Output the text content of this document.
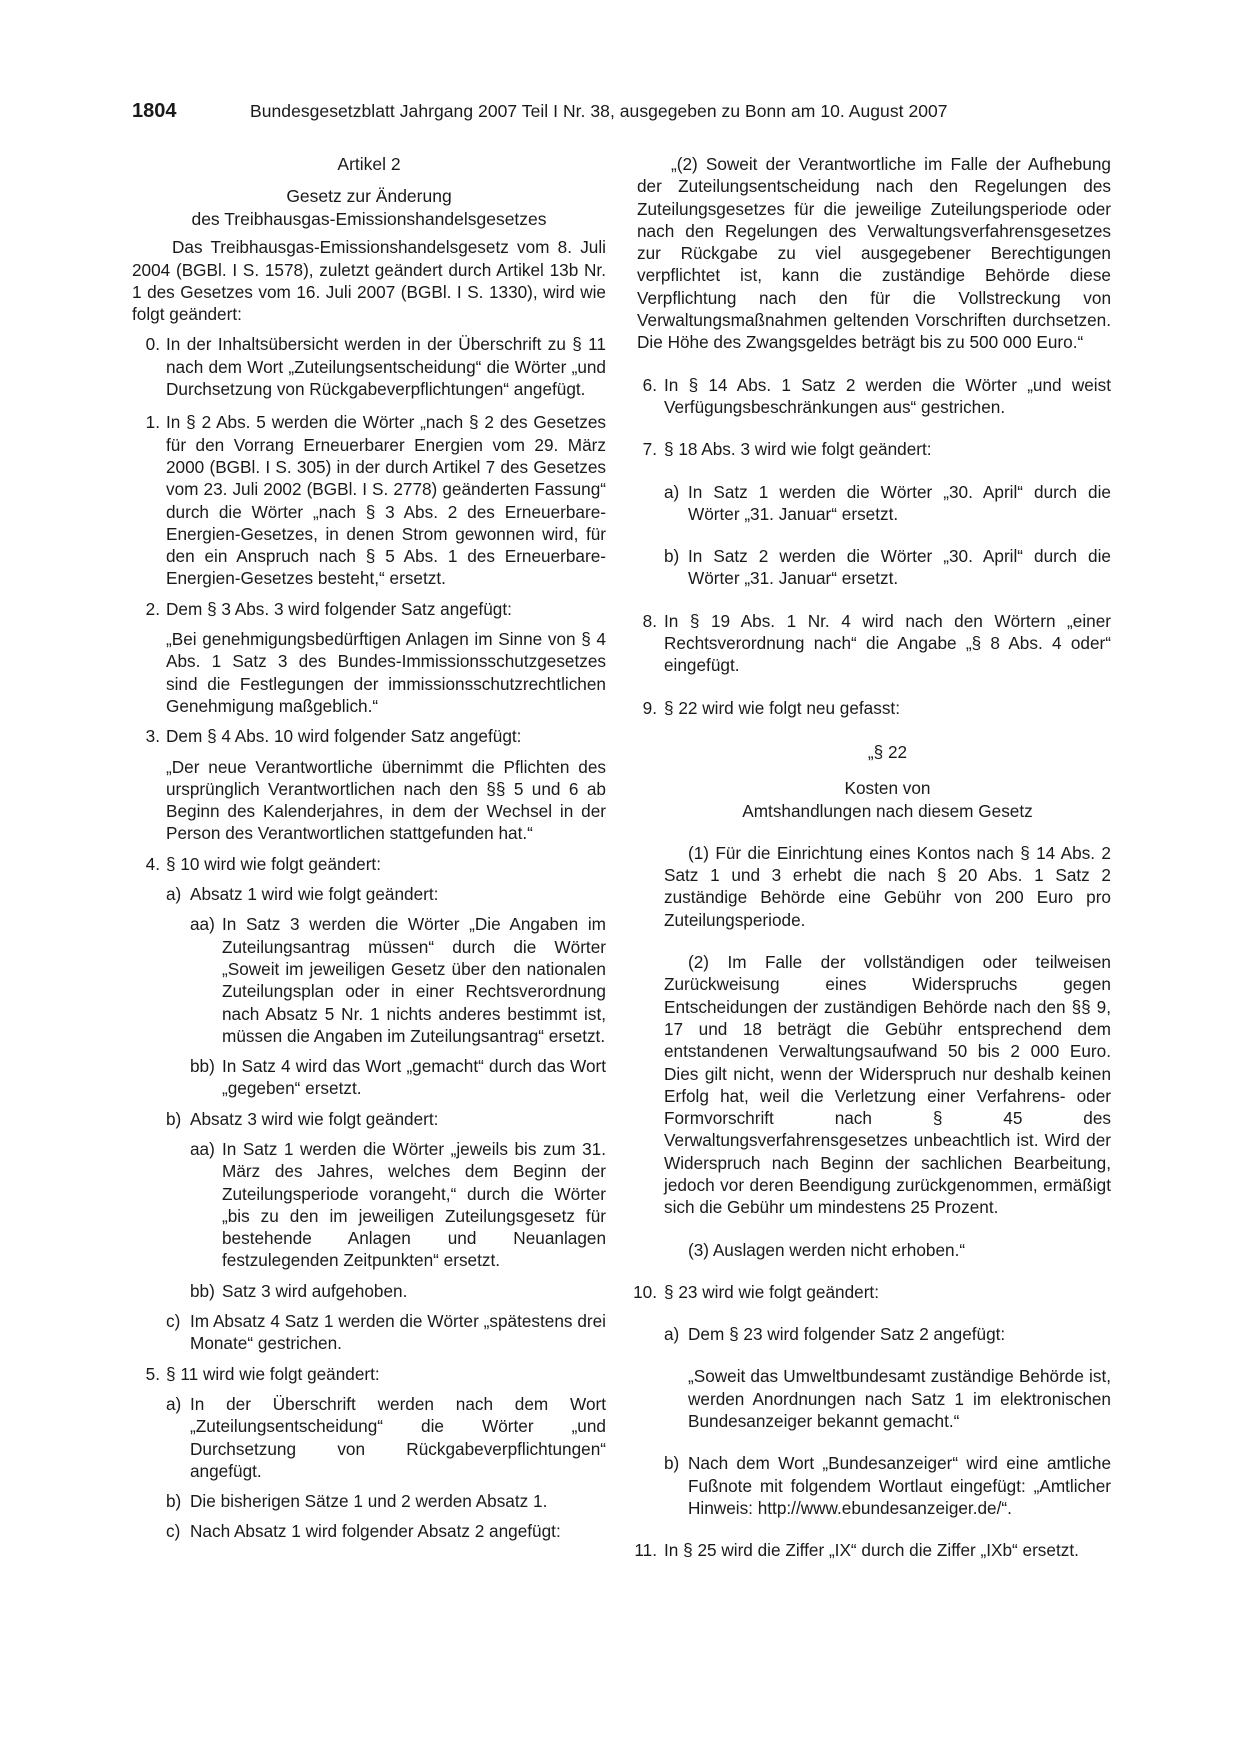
1804	Bundesgesetzblatt Jahrgang 2007 Teil I Nr. 38, ausgegeben zu Bonn am 10. August 2007

Artikel 2

Gesetz zur Änderung

des Treibhausgas-Emissionshandelsgesetzes

Das Treibhausgas-Emissionshandelsgesetz vom 8. Juli 2004 (BGBl. I S. 1578), zuletzt geändert durch Artikel 13b Nr. 1 des Gesetzes vom 16. Juli 2007 (BGBl. I S. 1330), wird wie folgt geändert:

0. In der Inhaltsübersicht werden in der Überschrift zu § 11 nach dem Wort „Zuteilungsentscheidung“ die Wörter „und Durchsetzung von Rückgabeverpflichtungen“ angefügt.
1. In § 2 Abs. 5 werden die Wörter „nach § 2 des Gesetzes für den Vorrang Erneuerbarer Energien vom 29. März 2000 (BGBl. I S. 305) in der durch Artikel 7 des Gesetzes vom 23. Juli 2002 (BGBl. I S. 2778) geänderten Fassung“ durch die Wörter „nach § 3 Abs. 2 des Erneuerbare-Energien-Gesetzes, in denen Strom gewonnen wird, für den ein Anspruch nach § 5 Abs. 1 des Erneuerbare-Energien-Gesetzes besteht,“ ersetzt.
2. Dem § 3 Abs. 3 wird folgender Satz angefügt:

„Bei genehmigungsbedürftigen Anlagen im Sinne von § 4 Abs. 1 Satz 3 des Bundes-Immissionsschutzgesetzes sind die Festlegungen der immissionsschutzrechtlichen Genehmigung maßgeblich.“

3. Dem § 4 Abs. 10 wird folgender Satz angefügt:

„Der neue Verantwortliche übernimmt die Pflichten des ursprünglich Verantwortlichen nach den §§ 5 und 6 ab Beginn des Kalenderjahres, in dem der Wechsel in der Person des Verantwortlichen stattgefunden hat.“

4. § 10 wird wie folgt geändert:
a) Absatz 1 wird wie folgt geändert:
aa) In Satz 3 werden die Wörter „Die Angaben im Zuteilungsantrag müssen“ durch die Wörter „Soweit im jeweiligen Gesetz über den nationalen Zuteilungsplan oder in einer Rechtsverordnung nach Absatz 5 Nr. 1 nichts anderes bestimmt ist, müssen die Angaben im Zuteilungsantrag“ ersetzt.
bb) In Satz 4 wird das Wort „gemacht“ durch das Wort „gegeben“ ersetzt.
b) Absatz 3 wird wie folgt geändert:
aa) In Satz 1 werden die Wörter „jeweils bis zum 31. März des Jahres, welches dem Beginn der Zuteilungsperiode vorangeht,“ durch die Wörter „bis zu den im jeweiligen Zuteilungsgesetz für bestehende Anlagen und Neuanlagen festzulegenden Zeitpunkten“ ersetzt.
bb) Satz 3 wird aufgehoben.
c) Im Absatz 4 Satz 1 werden die Wörter „spätestens drei Monate“ gestrichen.
5. § 11 wird wie folgt geändert:
a) In der Überschrift werden nach dem Wort „Zuteilungsentscheidung“ die Wörter „und Durchsetzung von Rückgabeverpflichtungen“ angefügt.
b) Die bisherigen Sätze 1 und 2 werden Absatz 1.
c) Nach Absatz 1 wird folgender Absatz 2 angefügt:

„(2) Soweit der Verantwortliche im Falle der Aufhebung der Zuteilungsentscheidung nach den Regelungen des Zuteilungsgesetzes für die jeweilige Zuteilungsperiode oder nach den Regelungen des Verwaltungsverfahrensgesetzes zur Rückgabe zu viel ausgegebener Berechtigungen verpflichtet ist, kann die zuständige Behörde diese Verpflichtung nach den für die Vollstreckung von Verwaltungsmaßnahmen geltenden Vorschriften durchsetzen. Die Höhe des Zwangsgeldes beträgt bis zu 500 000 Euro.“

6. In § 14 Abs. 1 Satz 2 werden die Wörter „und weist Verfügungsbeschränkungen aus“ gestrichen.
7. § 18 Abs. 3 wird wie folgt geändert:
a) In Satz 1 werden die Wörter „30. April“ durch die Wörter „31. Januar“ ersetzt.
b) In Satz 2 werden die Wörter „30. April“ durch die Wörter „31. Januar“ ersetzt.
8. In § 19 Abs. 1 Nr. 4 wird nach den Wörtern „einer Rechtsverordnung nach“ die Angabe „§ 8 Abs. 4 oder“ eingefügt.
9. § 22 wird wie folgt neu gefasst:

„§ 22

Kosten von

Amtshandlungen nach diesem Gesetz

(1) Für die Einrichtung eines Kontos nach § 14 Abs. 2 Satz 1 und 3 erhebt die nach § 20 Abs. 1 Satz 2 zuständige Behörde eine Gebühr von 200 Euro pro Zuteilungsperiode.

(2) Im Falle der vollständigen oder teilweisen Zurückweisung eines Widerspruchs gegen Entscheidungen der zuständigen Behörde nach den §§ 9, 17 und 18 beträgt die Gebühr entsprechend dem entstandenen Verwaltungsaufwand 50 bis 2 000 Euro. Dies gilt nicht, wenn der Widerspruch nur deshalb keinen Erfolg hat, weil die Verletzung einer Verfahrens- oder Formvorschrift nach § 45 des Verwaltungsverfahrensgesetzes unbeachtlich ist. Wird der Widerspruch nach Beginn der sachlichen Bearbeitung, jedoch vor deren Beendigung zurückgenommen, ermäßigt sich die Gebühr um mindestens 25 Prozent.

(3) Auslagen werden nicht erhoben.“

10. § 23 wird wie folgt geändert:
a) Dem § 23 wird folgender Satz 2 angefügt:

„Soweit das Umweltbundesamt zuständige Behörde ist, werden Anordnungen nach Satz 1 im elektronischen Bundesanzeiger bekannt gemacht.“

b) Nach dem Wort „Bundesanzeiger“ wird eine amtliche Fußnote mit folgendem Wortlaut eingefügt: „Amtlicher Hinweis: http://www.ebundesanzeiger.de/“.
11. In § 25 wird die Ziffer „IX“ durch die Ziffer „IXb“ ersetzt.
